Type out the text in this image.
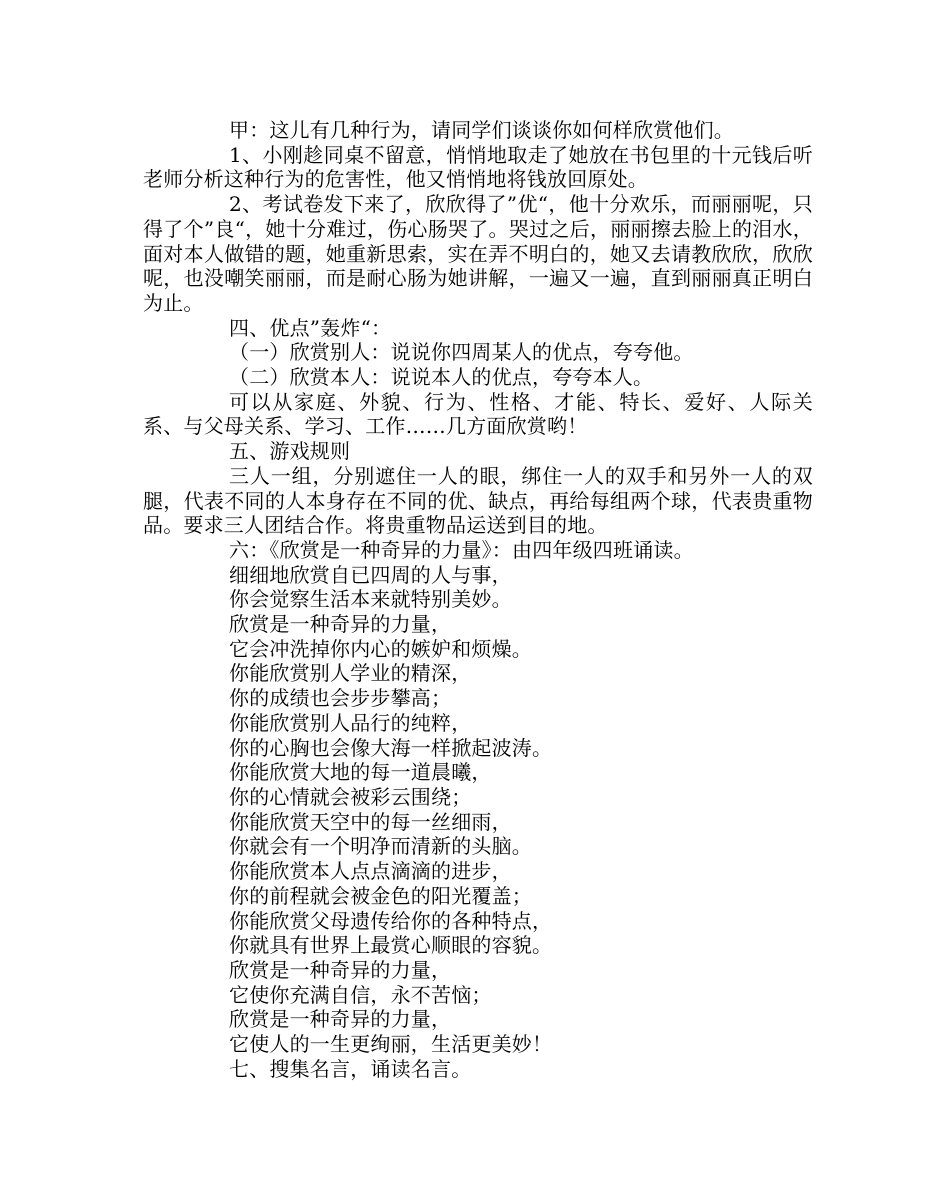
甲：这儿有几种行为，请同学们谈谈你如何样欣赏他们。

1、小刚趁同桌不留意，悄悄地取走了她放在书包里的十元钱后听老师分析这种行为的危害性，他又悄悄地将钱放回原处。

2、考试卷发下来了，欣欣得了”优“，他十分欢乐，而丽丽呢，只得了个”良“，她十分难过，伤心肠哭了。哭过之后，丽丽擦去脸上的泪水，面对本人做错的题，她重新思索，实在弄不明白的，她又去请教欣欣，欣欣呢，也没嘲笑丽丽，而是耐心肠为她讲解，一遍又一遍，直到丽丽真正明白为止。

四、优点”轰炸“：

（一）欣赏别人：说说你四周某人的优点，夸夸他。

（二）欣赏本人：说说本人的优点，夸夸本人。

可以从家庭、外貌、行为、性格、才能、特长、爱好、人际关系、与父母关系、学习、工作……几方面欣赏哟！

五、游戏规则

三人一组，分别遮住一人的眼，绑住一人的双手和另外一人的双腿，代表不同的人本身存在不同的优、缺点，再给每组两个球，代表贵重物品。要求三人团结合作。将贵重物品运送到目的地。

六：《欣赏是一种奇异的力量》：由四年级四班诵读。

细细地欣赏自已四周的人与事，

你会觉察生活本来就特别美妙。

欣赏是一种奇异的力量，

它会冲洗掉你内心的嫉妒和烦燥。

你能欣赏别人学业的精深，

你的成绩也会步步攀高；

你能欣赏别人品行的纯粹，

你的心胸也会像大海一样掀起波涛。

你能欣赏大地的每一道晨曦，

你的心情就会被彩云围绕；

你能欣赏天空中的每一丝细雨，

你就会有一个明净而清新的头脑。

你能欣赏本人点点滴滴的进步，

你的前程就会被金色的阳光覆盖；

你能欣赏父母遗传给你的各种特点，

你就具有世界上最赏心顺眼的容貌。

欣赏是一种奇异的力量，

它使你充满自信，永不苦恼；

欣赏是一种奇异的力量，

它使人的一生更绚丽，生活更美妙！

七、搜集名言，诵读名言。
